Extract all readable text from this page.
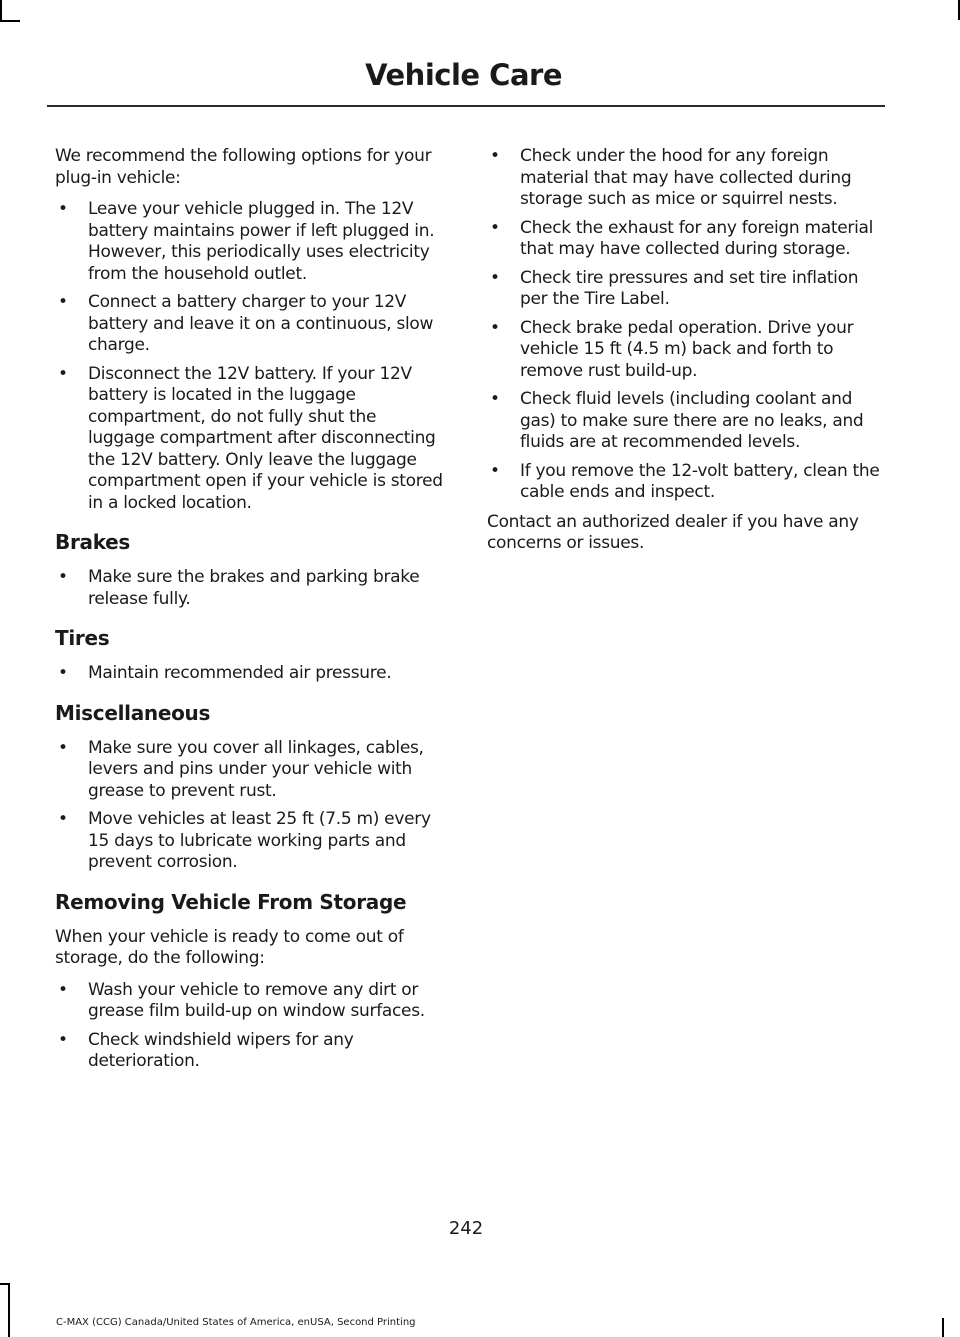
Vehicle Care

We recommend the following options for your plug-in vehicle:

• Leave your vehicle plugged in. The 12V battery maintains power if left plugged in. However, this periodically uses electricity from the household outlet.
• Connect a battery charger to your 12V battery and leave it on a continuous, slow charge.
• Disconnect the 12V battery. If your 12V battery is located in the luggage compartment, do not fully shut the luggage compartment after disconnecting the 12V battery. Only leave the luggage compartment open if your vehicle is stored in a locked location.
Brakes
• Make sure the brakes and parking brake release fully.
Tires
• Maintain recommended air pressure.
Miscellaneous
• Make sure you cover all linkages, cables, levers and pins under your vehicle with grease to prevent rust.
• Move vehicles at least 25 ft (7.5 m) every 15 days to lubricate working parts and prevent corrosion.
Removing Vehicle From Storage

When your vehicle is ready to come out of storage, do the following:

• Wash your vehicle to remove any dirt or grease film build-up on window surfaces.
• Check windshield wipers for any deterioration.
• Check under the hood for any foreign material that may have collected during storage such as mice or squirrel nests.
• Check the exhaust for any foreign material that may have collected during storage.
• Check tire pressures and set tire inflation per the Tire Label.
• Check brake pedal operation. Drive your vehicle 15 ft (4.5 m) back and forth to remove rust build-up.
• Check fluid levels (including coolant and gas) to make sure there are no leaks, and fluids are at recommended levels.
• If you remove the 12-volt battery, clean the cable ends and inspect.

Contact an authorized dealer if you have any concerns or issues.

242
C-MAX (CCG) Canada/United States of America, enUSA, Second Printing
